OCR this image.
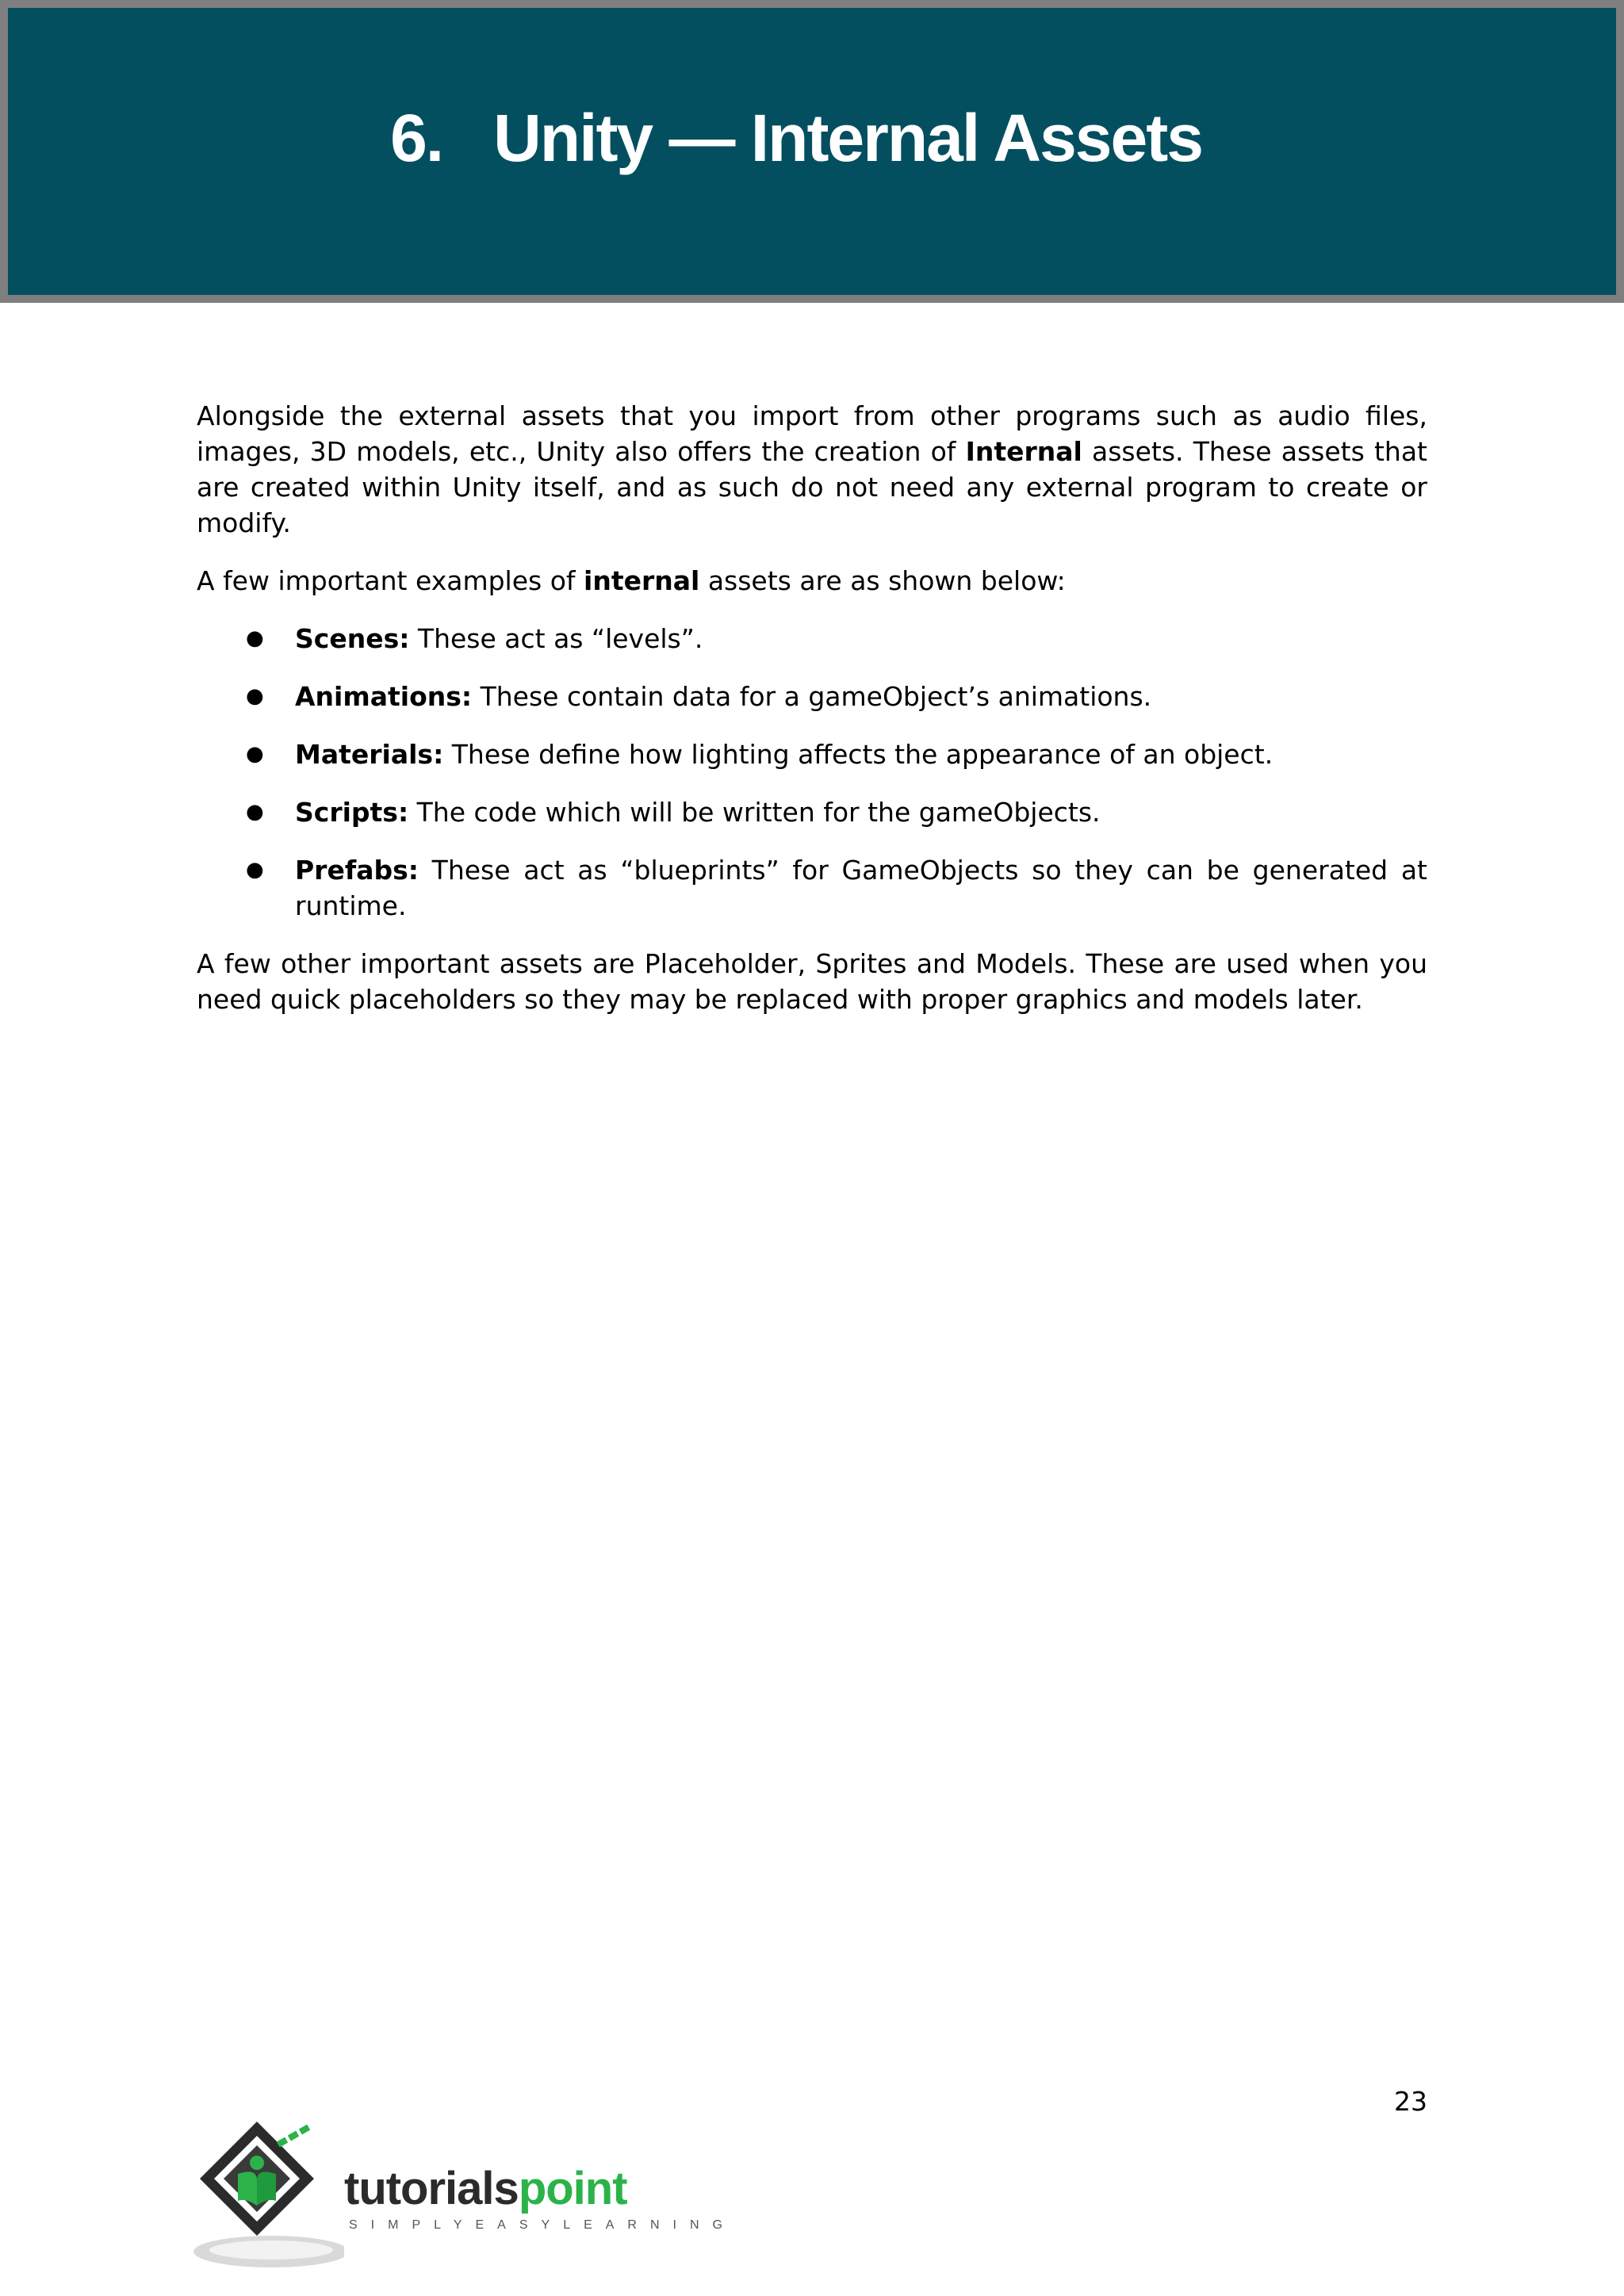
6.   Unity — Internal Assets

Alongside the external assets that you import from other programs such as audio files, images, 3D models, etc., Unity also offers the creation of Internal assets. These assets that are created within Unity itself, and as such do not need any external program to create or modify.

A few important examples of internal assets are as shown below:

● Scenes: These act as “levels”.
● Animations: These contain data for a gameObject’s animations.
● Materials: These define how lighting affects the appearance of an object.
● Scripts: The code which will be written for the gameObjects.
● Prefabs: These act as “blueprints” for GameObjects so they can be generated at runtime.

A few other important assets are Placeholder, Sprites and Models. These are used when you need quick placeholders so they may be replaced with proper graphics and models later.

23
tutorialspoint
SIMPLYEASYLEARNING
